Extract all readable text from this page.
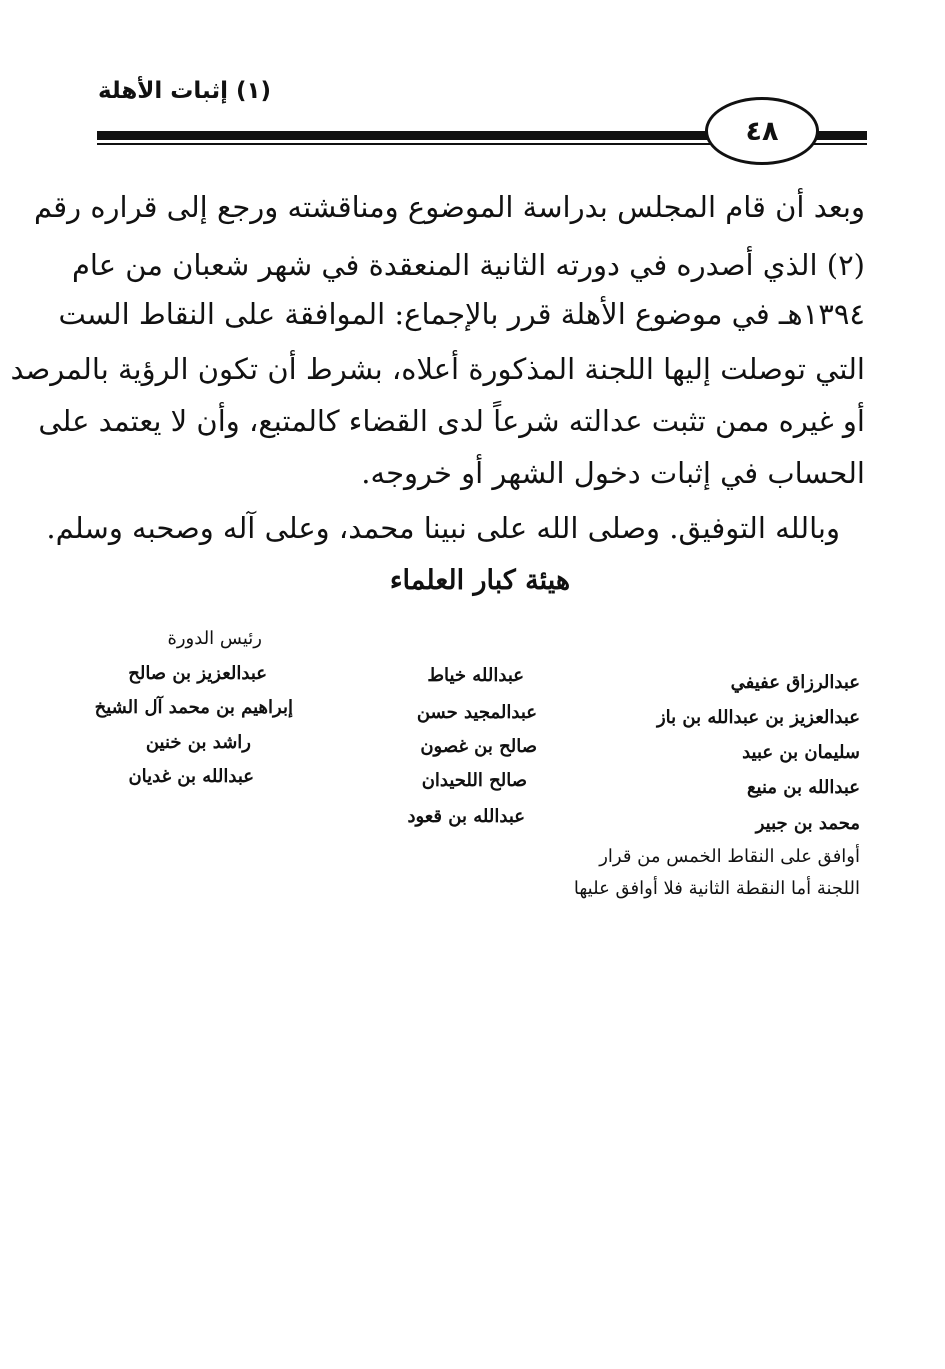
(١) إثبات الأهلة
٤٨
وبعد أن قام المجلس بدراسة الموضوع ومناقشته ورجع إلى قراره رقم
(٢) الذي أصدره في دورته الثانية المنعقدة في شهر شعبان من عام
١٣٩٤هـ في موضوع الأهلة قرر بالإجماع: الموافقة على النقاط الست
التي توصلت إليها اللجنة المذكورة أعلاه، بشرط أن تكون الرؤية بالمرصد
أو غيره ممن تثبت عدالته شرعاً لدى القضاء كالمتبع، وأن لا يعتمد على
الحساب في إثبات دخول الشهر أو خروجه.
وبالله التوفيق. وصلى الله على نبينا محمد، وعلى آله وصحبه وسلم.
هيئة كبار العلماء
عبدالرزاق عفيفي
عبدالعزيز بن عبدالله بن باز
سليمان بن عبيد
عبدالله بن منيع
محمد بن جبير
أوافق على النقاط الخمس من قرار
اللجنة أما النقطة الثانية فلا أوافق عليها
عبدالله خياط
عبدالمجيد حسن
صالح بن غصون
صالح اللحيدان
عبدالله بن قعود
رئيس الدورة
عبدالعزيز بن صالح
إبراهيم بن محمد آل الشيخ
راشد بن خنين
عبدالله بن غديان
